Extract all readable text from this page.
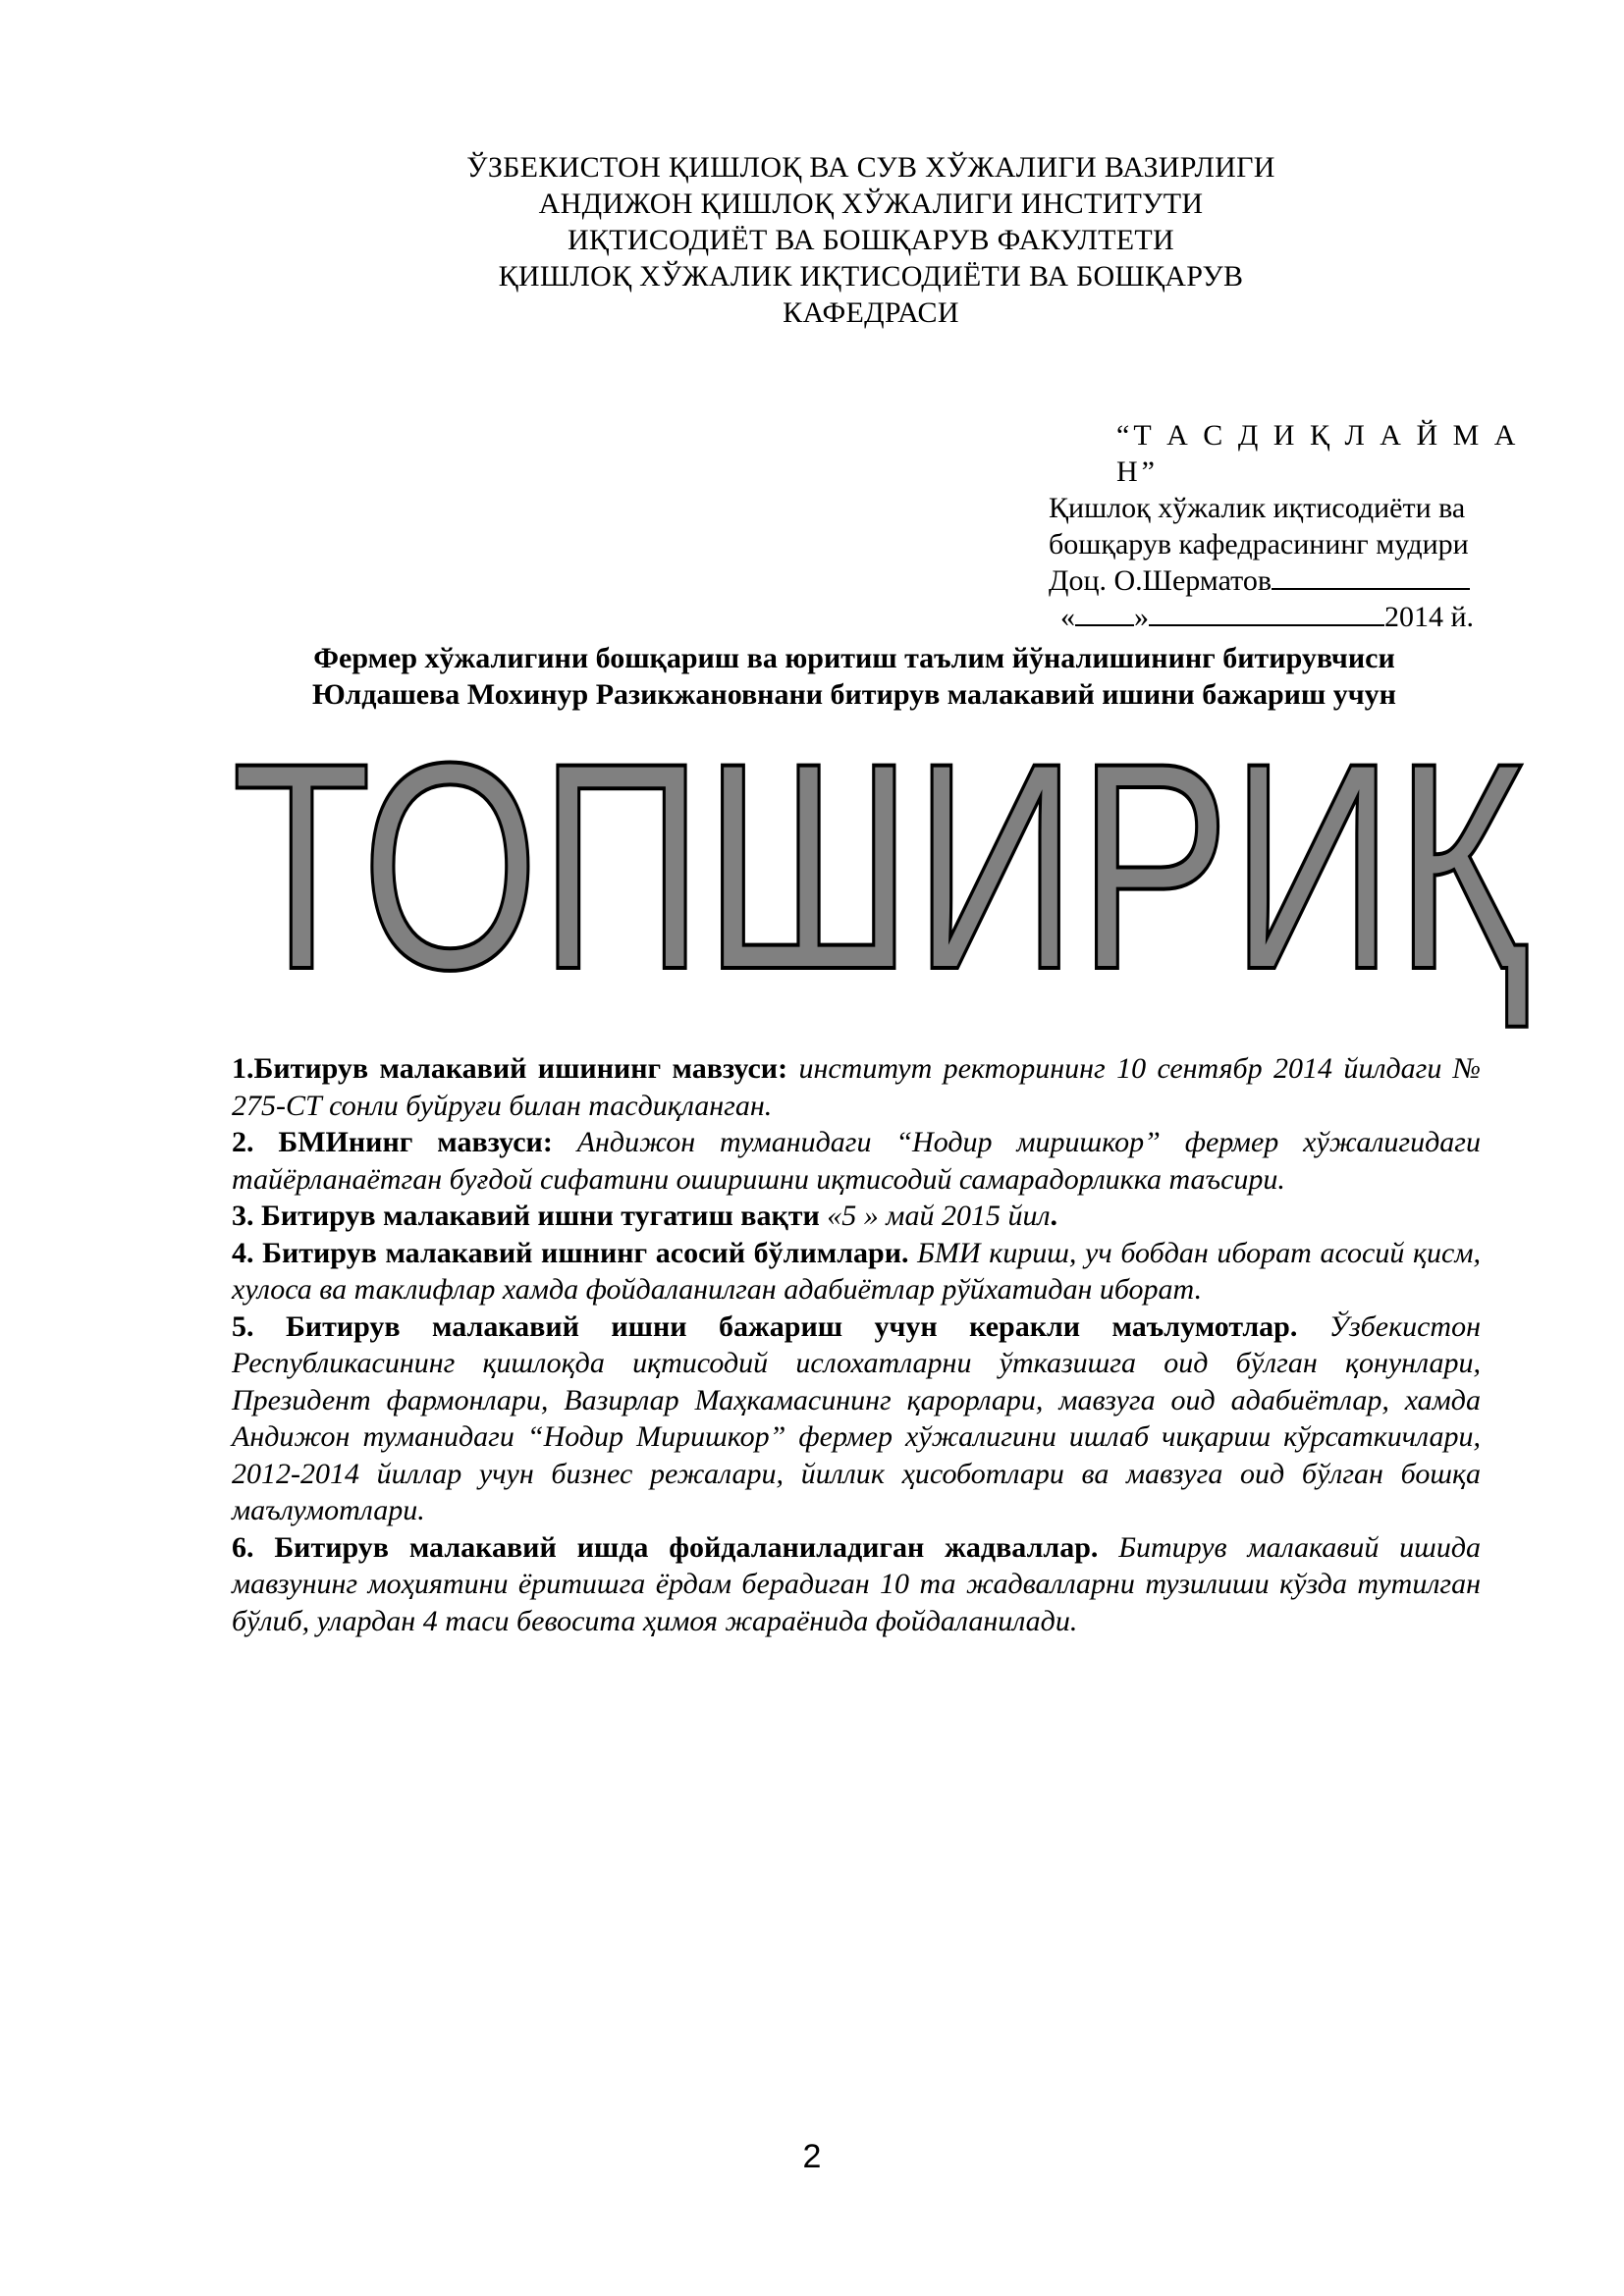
ЎЗБЕКИСТОН ҚИШЛОҚ ВА СУВ ХЎЖАЛИГИ ВАЗИРЛИГИ
АНДИЖОН ҚИШЛОҚ ХЎЖАЛИГИ ИНСТИТУТИ
ИҚТИСОДИЁТ ВА БОШҚАРУВ ФАКУЛТЕТИ
ҚИШЛОҚ ХЎЖАЛИК ИҚТИСОДИЁТИ ВА БОШҚАРУВ
КАФЕДРАСИ
“Т А С Д И Қ Л А Й М А Н”
Қишлоқ хўжалик иқтисодиёти ва
бошқарув кафедрасининг мудири
Доц. О.Шерматов
« »	2014 й.
Фермер хўжалигини бошқариш ва юритиш таълим йўналишининг битирувчиси
Юлдашева Мохинур Разикжановнани битирув малакавий ишини бажариш учун
ТОПШИРИҚ

1.Битирув малакавий ишининг мавзуси: институт ректорининг 10 сентябр 2014 йилдаги № 275-СТ сонли буйруғи билан тасдиқланган.

2. БМИнинг мавзуси: Андижон туманидаги “Нодир миришкор” фермер хўжалигидаги тайёрланаётган буғдой сифатини оширишни иқтисодий самарадорликка таъсири.

3. Битирув малакавий ишни тугатиш вақти «5 » май 2015 йил.

4. Битирув малакавий ишнинг асосий бўлимлари. БМИ кириш, уч бобдан иборат асосий қисм, хулоса ва таклифлар хамда фойдаланилган адабиётлар рўйхатидан иборат.

5. Битирув малакавий ишни бажариш учун керакли маълумотлар. Ўзбекистон Республикасининг қишлоқда иқтисодий ислохатларни ўтказишга оид бўлган қонунлари, Президент фармонлари, Вазирлар Маҳкамасининг қарорлари, мавзуга оид адабиётлар, хамда Андижон туманидаги “Нодир Миришкор” фермер хўжалигини ишлаб чиқариш кўрсаткичлари, 2012-2014 йиллар учун бизнес режалари, йиллик ҳисоботлари ва мавзуга оид бўлган бошқа маълумотлари.

6. Битирув малакавий ишда фойдаланиладиган жадваллар. Битирув малакавий ишида мавзунинг моҳиятини ёритишга ёрдам берадиган 10 та жадвалларни тузилиши кўзда тутилган бўлиб, улардан 4 таси бевосита ҳимоя жараёнида фойдаланилади.

2
